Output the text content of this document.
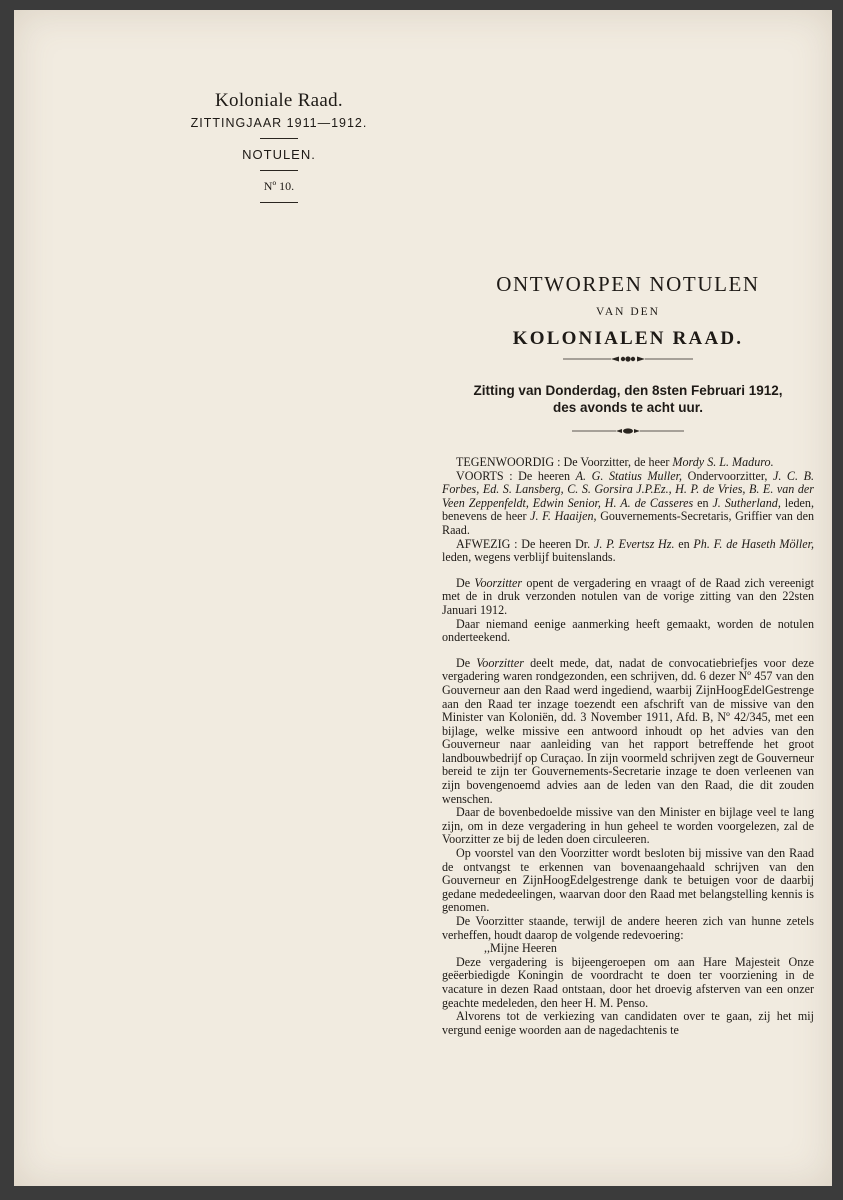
Koloniale Raad.
ZITTINGJAAR 1911—1912.
NOTULEN.
Nº 10.
ONTWORPEN NOTULEN
VAN DEN
KOLONIALEN RAAD.
Zitting van Donderdag, den 8sten Februari 1912,
des avonds te acht uur.

TEGENWOORDIG : De Voorzitter, de heer Mordy S. L. Maduro.

VOORTS : De heeren A. G. Statius Muller, Ondervoorzitter, J. C. B. Forbes, Ed. S. Lansberg, C. S. Gorsira J.P.Ez., H. P. de Vries, B. E. van der Veen Zeppenfeldt, Edwin Senior, H. A. de Casseres en J. Sutherland, leden, benevens de heer J. F. Haaijen, Gouvernements-Secretaris, Griffier van den Raad.

AFWEZIG : De heeren Dr. J. P. Evertsz Hz. en Ph. F. de Haseth Möller, leden, wegens verblijf buitenslands.

De Voorzitter opent de vergadering en vraagt of de Raad zich vereenigt met de in druk verzonden notulen van de vorige zitting van den 22sten Januari 1912.

Daar niemand eenige aanmerking heeft gemaakt, worden de notulen onderteekend.

De Voorzitter deelt mede, dat, nadat de convocatiebriefjes voor deze vergadering waren rondgezonden, een schrijven, dd. 6 dezer Nº 457 van den Gouverneur aan den Raad werd ingediend, waarbij ZijnHoogEdelGestrenge aan den Raad ter inzage toezendt een afschrift van de missive van den Minister van Koloniën, dd. 3 November 1911, Afd. B, Nº 42/345, met een bijlage, welke missive een antwoord inhoudt op het advies van den Gouverneur naar aanleiding van het rapport betreffende het groot landbouwbedrijf op Curaçao. In zijn voormeld schrijven zegt de Gouverneur bereid te zijn ter Gouvernements-Secretarie inzage te doen verleenen van zijn bovengenoemd advies aan de leden van den Raad, die dit zouden wenschen.

Daar de bovenbedoelde missive van den Minister en bijlage veel te lang zijn, om in deze vergadering in hun geheel te worden voorgelezen, zal de Voorzitter ze bij de leden doen circuleeren.

Op voorstel van den Voorzitter wordt besloten bij missive van den Raad de ontvangst te erkennen van bovenaangehaald schrijven van den Gouverneur en ZijnHoogEdelgestrenge dank te betuigen voor de daarbij gedane mededeelingen, waarvan door den Raad met belangstelling kennis is genomen.

De Voorzitter staande, terwijl de andere heeren zich van hunne zetels verheffen, houdt daarop de volgende redevoering:

,,Mijne Heeren

Deze vergadering is bijeengeroepen om aan Hare Majesteit Onze geëerbiedigde Koningin de voordracht te doen ter voorziening in de vacature in dezen Raad ontstaan, door het droevig afsterven van een onzer geachte medeleden, den heer H. M. Penso.

Alvorens tot de verkiezing van candidaten over te gaan, zij het mij vergund eenige woorden aan de nagedachtenis te
